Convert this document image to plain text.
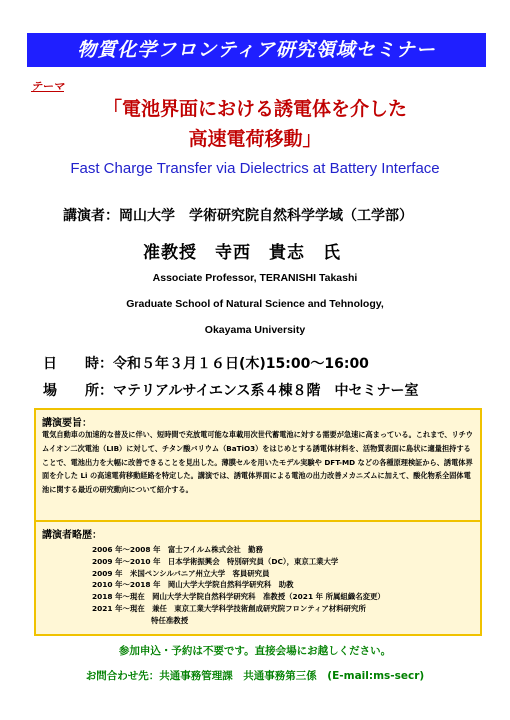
物質化学フロンティア研究領域セミナー
テーマ
「電池界面における誘電体を介した
高速電荷移動」
Fast Charge Transfer via Dielectrics at Battery Interface
講演者：岡山大学　学術研究院自然科学学域（工学部）
准教授　寺西　貴志　氏
Associate Professor, TERANISHI Takashi
Graduate School of Natural Science and Tehnology,
Okayama University
日　　時：令和５年３月１６日(木)15:00～16:00
場　　所：マテリアルサイエンス系４棟８階　中セミナー室
講演要旨：
電気自動車の加速的な普及に伴い、短時間で充放電可能な車載用次世代蓄電池に対する需要が急速に高まっている。これまで、リチウムイオン二次電池（LIB）に対して、チタン酸バリウム（BaTiO3）をはじめとする誘電体材料を、活物質表面に島状に適量担持することで、電池出力を大幅に改善できることを見出した。薄膜セルを用いたモデル実験や DFT-MD などの各種原理検証から、誘電体界面を介した Li の高速電荷移動経路を特定した。講演では、誘電体界面による電池の出力改善メカニズムに加えて、酸化物系全固体電池に関する最近の研究動向について紹介する。
講演者略歴：
2006 年～2008 年　富士フイルム株式会社　勤務
2009 年～2010 年　日本学術振興会　特別研究員（DC），東京工業大学
2009 年　米国ペンシルバニア州立大学　客員研究員
2010 年～2018 年　岡山大学大学院自然科学研究科　助教
2018 年～現在　岡山大学大学院自然科学研究科　准教授（2021 年 所属組織名変更）
2021 年～現在　兼任　東京工業大学科学技術創成研究院フロンティア材料研究所
　　　　　　　　特任准教授
参加申込・予約は不要です。直接会場にお越しください。
お問合わせ先：共通事務管理課　共通事務第三係　(E-mail:ms-secr)
